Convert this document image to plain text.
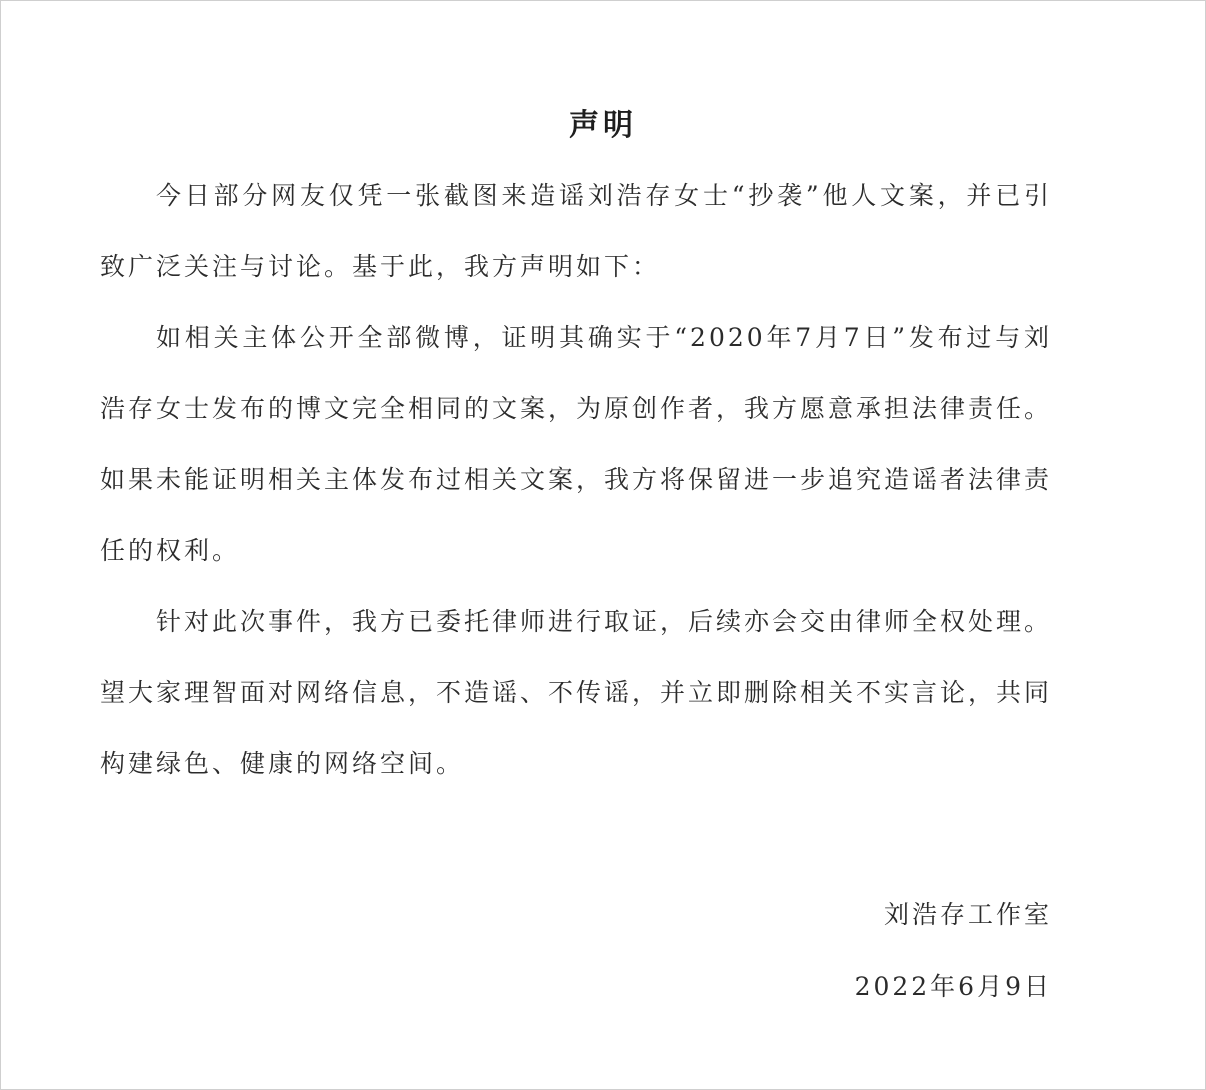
声明

今日部分网友仅凭一张截图来造谣刘浩存女士“抄袭”他人文案，并已引致广泛关注与讨论。基于此，我方声明如下：

如相关主体公开全部微博，证明其确实于“2020年7月7日”发布过与刘浩存女士发布的博文完全相同的文案，为原创作者，我方愿意承担法律责任。如果未能证明相关主体发布过相关文案，我方将保留进一步追究造谣者法律责任的权利。

针对此次事件，我方已委托律师进行取证，后续亦会交由律师全权处理。望大家理智面对网络信息，不造谣、不传谣，并立即删除相关不实言论，共同构建绿色、健康的网络空间。

刘浩存工作室
2022年6月9日
